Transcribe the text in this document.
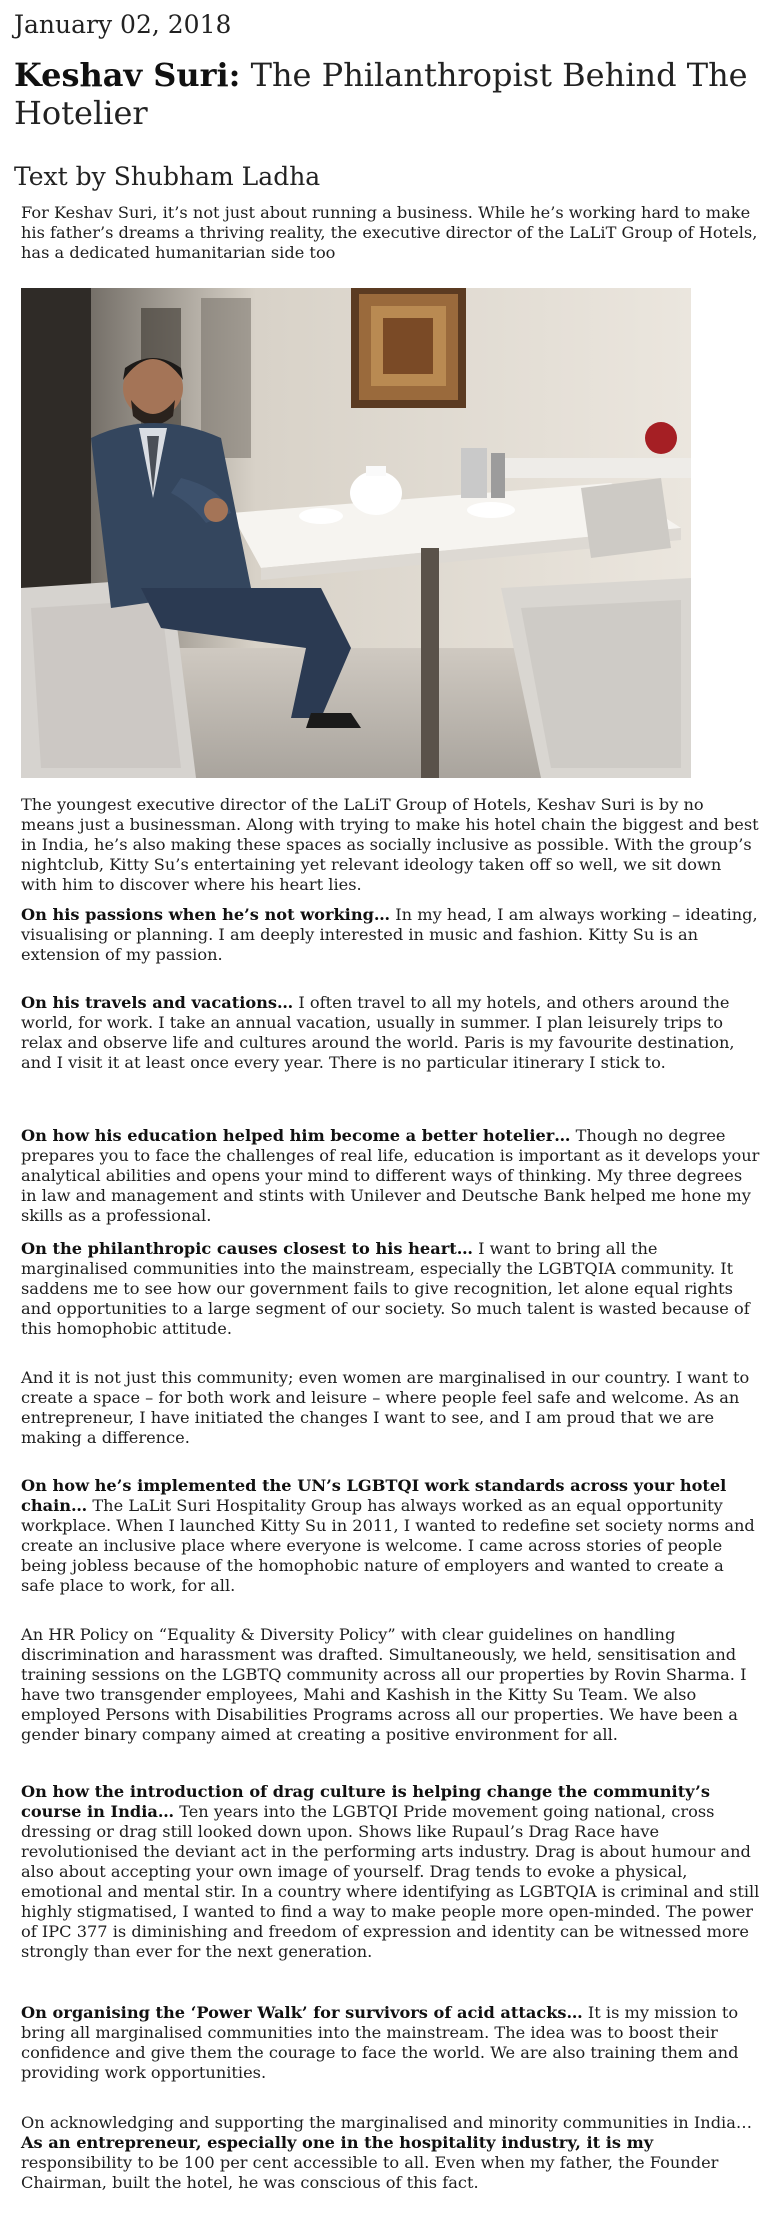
January 02, 2018
Keshav Suri: The Philanthropist Behind The Hotelier
Text by Shubham Ladha
For Keshav Suri, it’s not just about running a business. While he’s working hard to make his father’s dreams a thriving reality, the executive director of the LaLiT Group of Hotels, has a dedicated humanitarian side too
The youngest executive director of the LaLiT Group of Hotels, Keshav Suri is by no means just a businessman. Along with trying to make his hotel chain the biggest and best in India, he’s also making these spaces as socially inclusive as possible. With the group’s nightclub, Kitty Su’s entertaining yet relevant ideology taken off so well, we sit down with him to discover where his heart lies.
On his passions when he’s not working… In my head, I am always working – ideating, visualising or planning. I am deeply interested in music and fashion. Kitty Su is an extension of my passion.
On his travels and vacations… I often travel to all my hotels, and others around the world, for work. I take an annual vacation, usually in summer. I plan leisurely trips to relax and observe life and cultures around the world. Paris is my favourite destination, and I visit it at least once every year. There is no particular itinerary I stick to.
On how his education helped him become a better hotelier… Though no degree prepares you to face the challenges of real life, education is important as it develops your analytical abilities and opens your mind to different ways of thinking. My three degrees in law and management and stints with Unilever and Deutsche Bank helped me hone my skills as a professional.
On the philanthropic causes closest to his heart… I want to bring all the marginalised communities into the mainstream, especially the LGBTQIA community. It saddens me to see how our government fails to give recognition, let alone equal rights and opportunities to a large segment of our society. So much talent is wasted because of this homophobic attitude.
And it is not just this community; even women are marginalised in our country. I want to create a space – for both work and leisure – where people feel safe and welcome. As an entrepreneur, I have initiated the changes I want to see, and I am proud that we are making a difference.
On how he’s implemented the UN’s LGBTQI work standards across your hotel chain… The LaLit Suri Hospitality Group has always worked as an equal opportunity workplace. When I launched Kitty Su in 2011, I wanted to redefine set society norms and create an inclusive place where everyone is welcome. I came across stories of people being jobless because of the homophobic nature of employers and wanted to create a safe place to work, for all.
An HR Policy on “Equality & Diversity Policy” with clear guidelines on handling discrimination and harassment was drafted. Simultaneously, we held, sensitisation and training sessions on the LGBTQ community across all our properties by Rovin Sharma. I have two transgender employees, Mahi and Kashish in the Kitty Su Team. We also employed Persons with Disabilities Programs across all our properties. We have been a gender binary company aimed at creating a positive environment for all.
On how the introduction of drag culture is helping change the community’s course in India… Ten years into the LGBTQI Pride movement going national, cross dressing or drag still looked down upon. Shows like Rupaul’s Drag Race have revolutionised the deviant act in the performing arts industry. Drag is about humour and also about accepting your own image of yourself. Drag tends to evoke a physical, emotional and mental stir. In a country where identifying as LGBTQIA is criminal and still highly stigmatised, I wanted to find a way to make people more open-minded. The power of IPC 377 is diminishing and freedom of expression and identity can be witnessed more strongly than ever for the next generation.
On organising the ‘Power Walk’ for survivors of acid attacks… It is my mission to bring all marginalised communities into the mainstream. The idea was to boost their confidence and give them the courage to face the world. We are also training them and providing work opportunities.
On acknowledging and supporting the marginalised and minority communities in India… As an entrepreneur, especially one in the hospitality industry, it is my responsibility to be 100 per cent accessible to all. Even when my father, the Founder Chairman, built the hotel, he was conscious of this fact.
